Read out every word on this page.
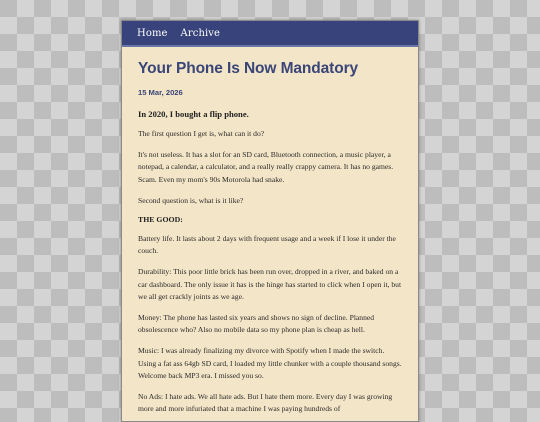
Home Archive
Your Phone Is Now Mandatory
15 Mar, 2026
In 2020, I bought a flip phone.

The first question I get is, what can it do?

It's not useless. It has a slot for an SD card, Bluetooth connection, a music player, a notepad, a calendar, a calculator, and a really really crappy camera. It has no games. Scam. Even my mom's 90s Motorola had snake.

Second question is, what is it like?

THE GOOD:

Battery life. It lasts about 2 days with frequent usage and a week if I lose it under the couch.

Durability: This poor little brick has been run over, dropped in a river, and baked on a car dashboard. The only issue it has is the hinge has started to click when I open it, but we all get crackly joints as we age.

Money: The phone has lasted six years and shows no sign of decline. Planned obsolescence who? Also no mobile data so my phone plan is cheap as hell.

Music: I was already finalizing my divorce with Spotify when I made the switch. Using a fat ass 64gb SD card, I loaded my little chunker with a couple thousand songs. Welcome back MP3 era. I missed you so.

No Ads: I hate ads. We all hate ads. But I hate them more. Every day I was growing more and more infuriated that a machine I was paying hundreds of
